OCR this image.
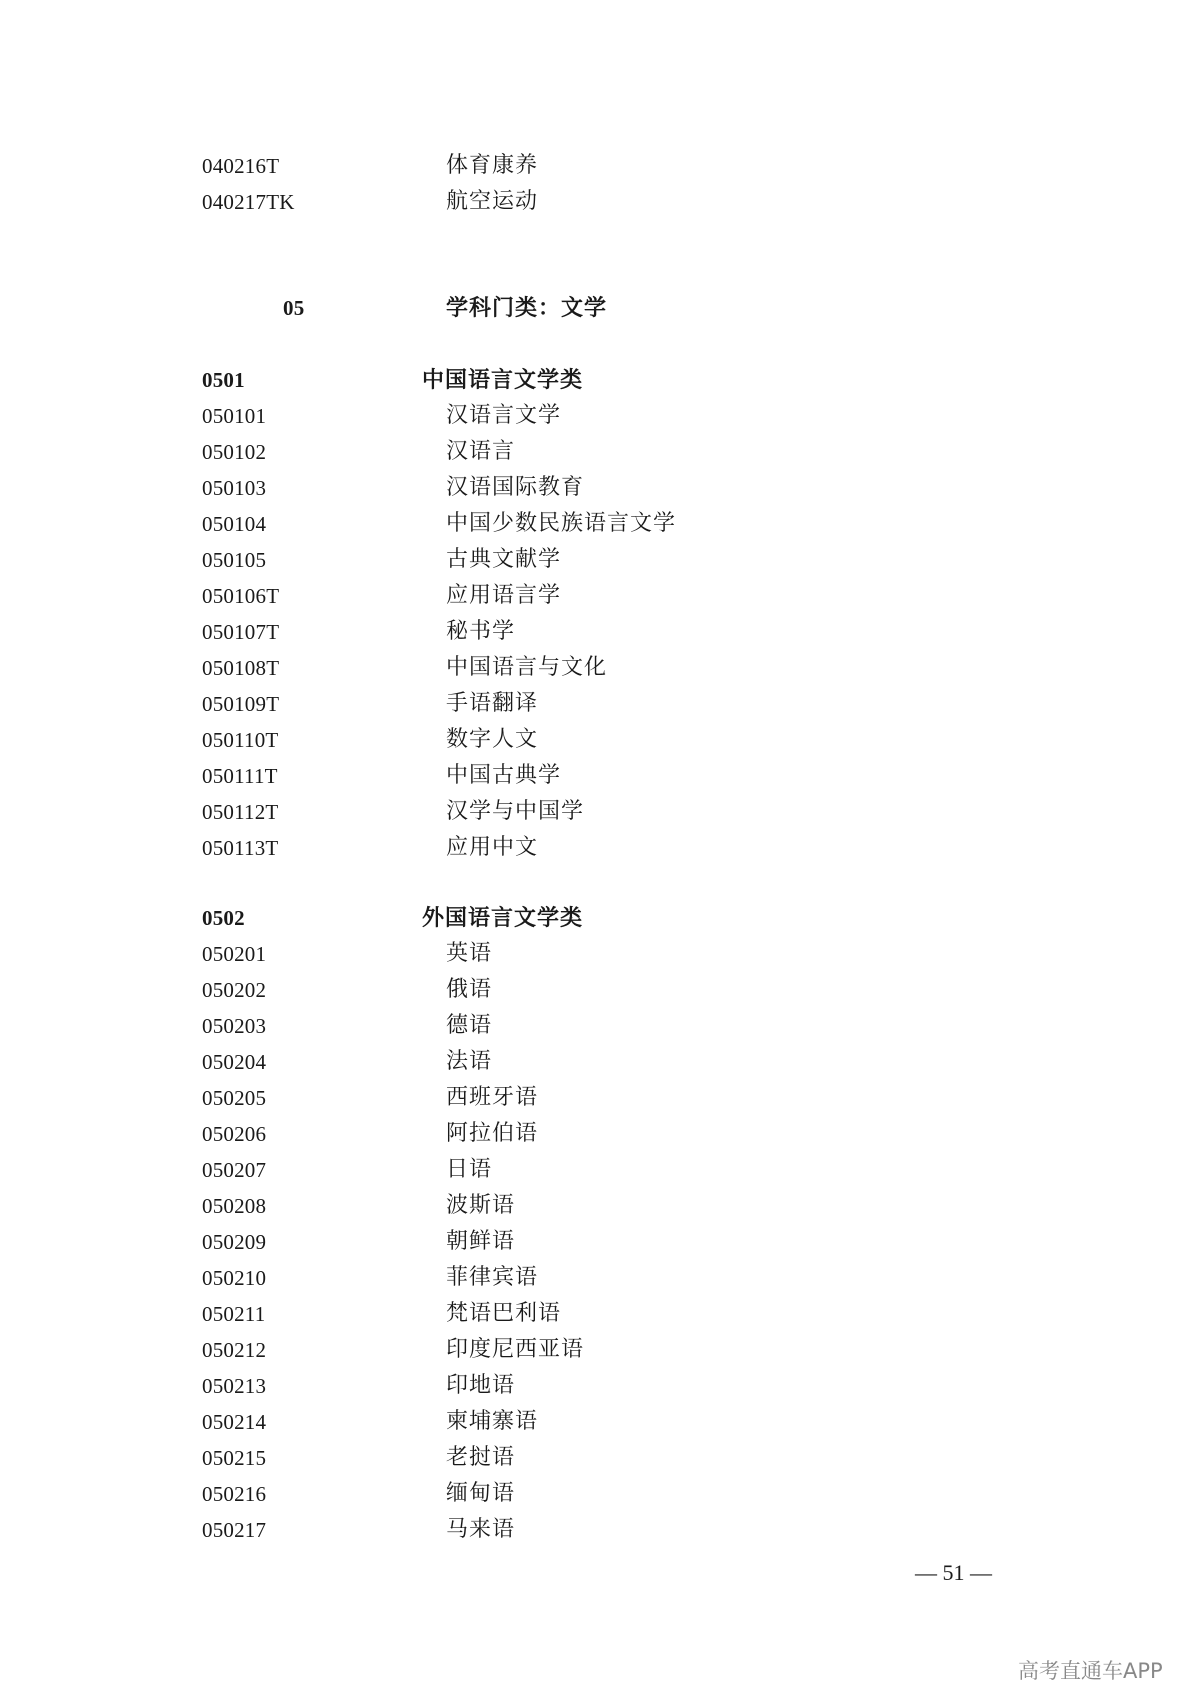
040216T	体育康养
040217TK	航空运动
05	学科门类：文学
0501	中国语言文学类
050101	汉语言文学
050102	汉语言
050103	汉语国际教育
050104	中国少数民族语言文学
050105	古典文献学
050106T	应用语言学
050107T	秘书学
050108T	中国语言与文化
050109T	手语翻译
050110T	数字人文
050111T	中国古典学
050112T	汉学与中国学
050113T	应用中文
0502	外国语言文学类
050201	英语
050202	俄语
050203	德语
050204	法语
050205	西班牙语
050206	阿拉伯语
050207	日语
050208	波斯语
050209	朝鲜语
050210	菲律宾语
050211	梵语巴利语
050212	印度尼西亚语
050213	印地语
050214	柬埔寨语
050215	老挝语
050216	缅甸语
050217	马来语
— 51 —
高考直通车APP
